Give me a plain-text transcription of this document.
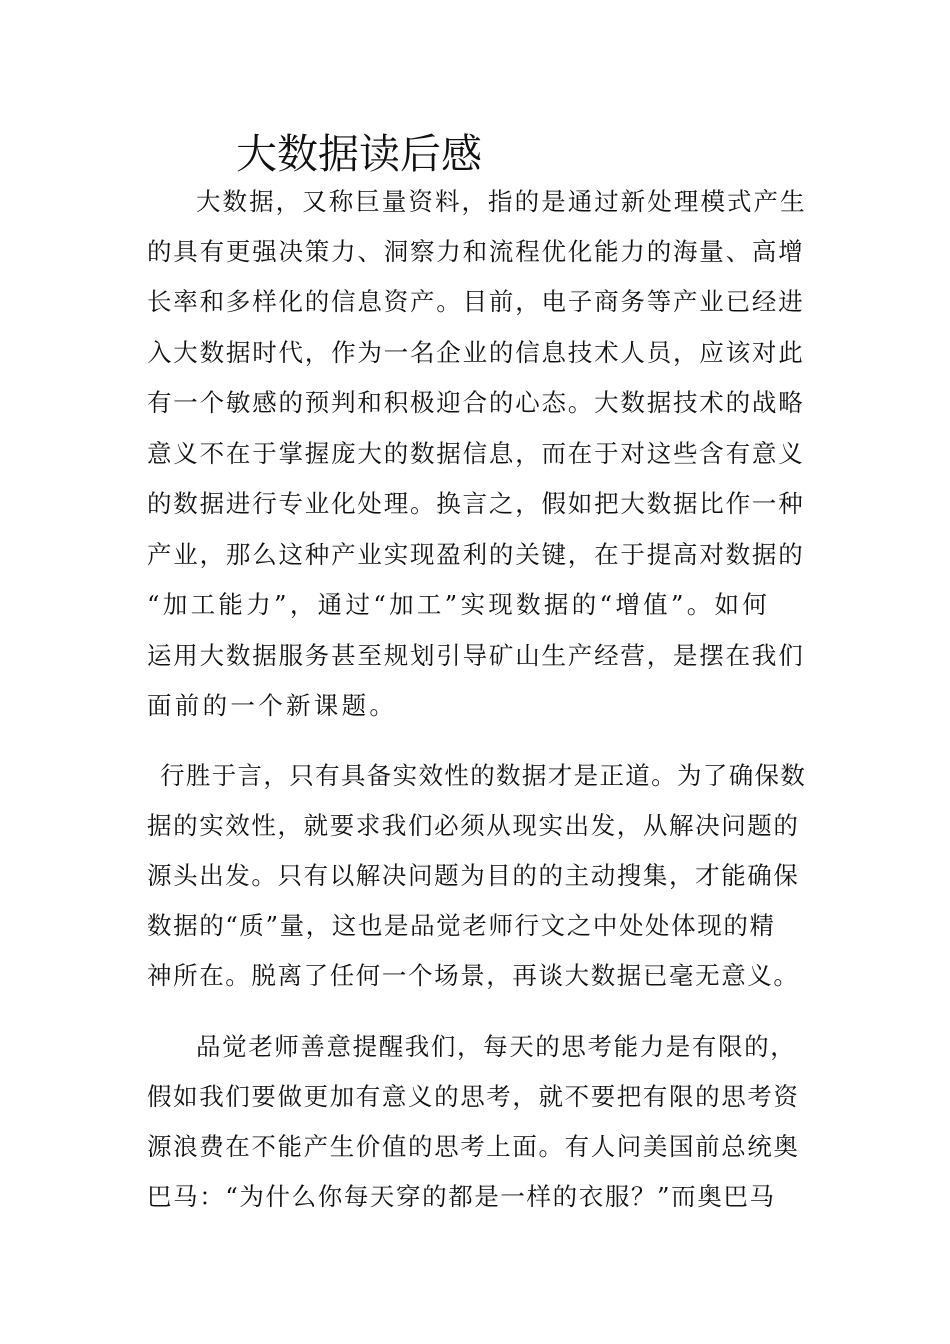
大数据读后感
大数据，又称巨量资料，指的是通过新处理模式产生
的具有更强决策力、洞察力和流程优化能力的海量、高增
长率和多样化的信息资产。目前，电子商务等产业已经进
入大数据时代，作为一名企业的信息技术人员，应该对此
有一个敏感的预判和积极迎合的心态。大数据技术的战略
意义不在于掌握庞大的数据信息，而在于对这些含有意义
的数据进行专业化处理。换言之，假如把大数据比作一种
产业，那么这种产业实现盈利的关键，在于提高对数据的
“加工能力”，通过“加工”实现数据的“增值”。如何
运用大数据服务甚至规划引导矿山生产经营，是摆在我们
面前的一个新课题。
行胜于言，只有具备实效性的数据才是正道。为了确保数
据的实效性，就要求我们必须从现实出发，从解决问题的
源头出发。只有以解决问题为目的的主动搜集，才能确保
数据的“质”量，这也是品觉老师行文之中处处体现的精
神所在。脱离了任何一个场景，再谈大数据已毫无意义。
品觉老师善意提醒我们，每天的思考能力是有限的，
假如我们要做更加有意义的思考，就不要把有限的思考资
源浪费在不能产生价值的思考上面。有人问美国前总统奥
巴马：“为什么你每天穿的都是一样的衣服？”而奥巴马
